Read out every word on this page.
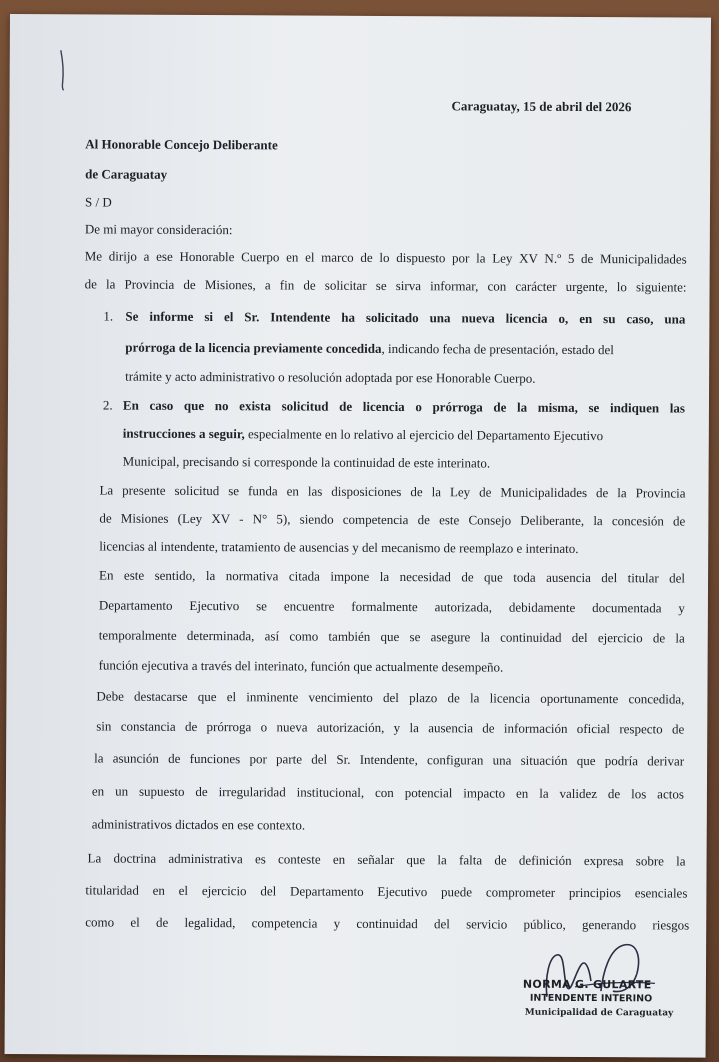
Caraguatay, 15 de abril del 2026
Al Honorable Concejo Deliberante
de Caraguatay
S / D
De mi mayor consideración:
Me dirijo a ese Honorable Cuerpo en el marco de lo dispuesto por la Ley XV N.º 5 de Municipalidades
de la Provincia de Misiones, a fin de solicitar se sirva informar, con carácter urgente, lo siguiente:
1. Se informe si el Sr. Intendente ha solicitado una nueva licencia o, en su caso, una
prórroga de la licencia previamente concedida, indicando fecha de presentación, estado del
trámite y acto administrativo o resolución adoptada por ese Honorable Cuerpo.
2. En caso que no exista solicitud de licencia o prórroga de la misma, se indiquen las
instrucciones a seguir, especialmente en lo relativo al ejercicio del Departamento Ejecutivo
Municipal, precisando si corresponde la continuidad de este interinato.
La presente solicitud se funda en las disposiciones de la Ley de Municipalidades de la Provincia
de Misiones (Ley XV - N° 5), siendo competencia de este Consejo Deliberante, la concesión de
licencias al intendente, tratamiento de ausencias y del mecanismo de reemplazo e interinato.
En este sentido, la normativa citada impone la necesidad de que toda ausencia del titular del
Departamento Ejecutivo se encuentre formalmente autorizada, debidamente documentada y
temporalmente determinada, así como también que se asegure la continuidad del ejercicio de la
función ejecutiva a través del interinato, función que actualmente desempeño.
Debe destacarse que el inminente vencimiento del plazo de la licencia oportunamente concedida,
sin constancia de prórroga o nueva autorización, y la ausencia de información oficial respecto de
la asunción de funciones por parte del Sr. Intendente, configuran una situación que podría derivar
en un supuesto de irregularidad institucional, con potencial impacto en la validez de los actos
administrativos dictados en ese contexto.
La doctrina administrativa es conteste en señalar que la falta de definición expresa sobre la
titularidad en el ejercicio del Departamento Ejecutivo puede comprometer principios esenciales
como el de legalidad, competencia y continuidad del servicio público, generando riesgos
NORMA G. GULARTE
INTENDENTE INTERINO
Municipalidad de Caraguatay
